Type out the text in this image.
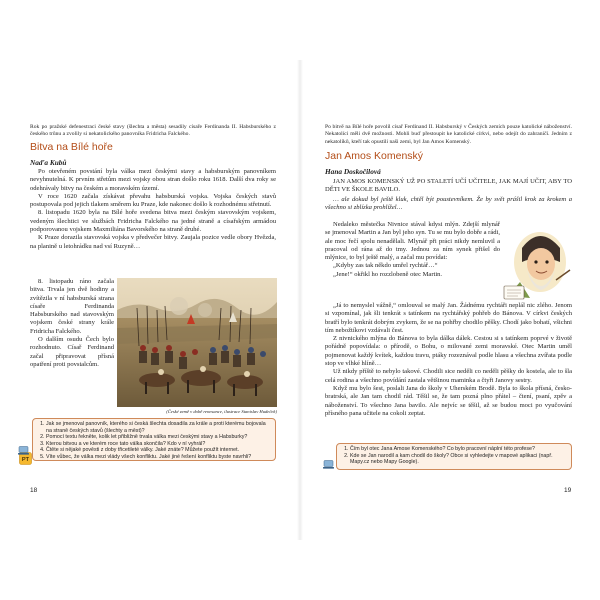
Rok po pražské defenestraci české stavy (šlechta a města) sesadily císaře Ferdinanda II. Habsburského z českého trůnu a zvolily si nekatolického panovníka Fridricha Falckého.

Bitva na Bílé hoře
Naďa Kubů

Po otevřeném povstání byla válka mezi českými stavy a habsburským panovníkem nevyhnutelná. K prvním střetům mezi vojsky obou stran došlo roku 1618. Další dva roky se odehrávaly bitvy na českém a moravském území.

V roce 1620 začala získávat převahu habsburská vojska. Vojska českých stavů postupovala pod jejich tlakem směrem ku Praze, kde nakonec došlo k rozhodnému střetnutí.

8. listopadu 1620 byla na Bílé hoře svedena bitva mezi českým stavovským vojskem, vedeným šlechtici ve službách Fridricha Falckého na jedné straně a císařským armádou podporovanou vojskem Maxmiliána Bavorského na straně druhé.

K Praze dorazila stavovská vojska v předvečer bitvy. Zaujala pozice vedle obory Hvězda, na planině u letohrádku nad vsí Ruzyně…

8. listopadu ráno začala bitva. Trvala jen dvě hodiny a zvítězila v ní habsburská strana císaře Ferdinanda Habsburského nad stavovským vojskem české strany krále Fridricha Falckého.

O dalším osudu Čech bylo rozhodnuto. Císař Ferdinand začal připravovat přísná opatření proti povstalcům.

(České země v době renesance, ilustrace Stanislav Hudeček)

1. Jak se jmenoval panovník, kterého si česká šlechta dosadila za krále a proti kterému bojovala na straně českých stavů (šlechty a měst)?
2. Pomocí textu řekněte, kolik let přibližně trvala válka mezi českými stavy a Habsburky?
3. Kterou bitvou a ve kterém roce tato válka skončila? Kdo v ní vyhrál?
4. Čtěte si nějaké pověsti z doby třicetileté války. Jaké znáte? Můžete použít internet.
5. Víte vůbec, že válka mezi vlády všech konfliktu. Jaké jiné řešení konfliktu byste navrhli?
PT

18

Po bitvě na Bílé hoře povolil císař Ferdinand II. Habsburský v Českých zemích pouze katolické náboženství. Nekatolíci měli dvě možnosti. Mohli buď přestoupit ke katolické církvi, nebo odejít do zahraničí. Jedním z nekatolíků, kteří tak opustili naši zemi, byl Jan Amos Komenský.

Jan Amos Komenský
Hana Doskočilová
JAN AMOS KOMENSKÝ UŽ PO STALETÍ UČÍ UČITELE, JAK MAJÍ UČIT, ABY TO DĚTI VE ŠKOLE BAVILO.
… ale dokud byl ještě kluk, chtěl být poustevníkem. Že by svět prášil krok za krokem a všechno si zblízka prohlížel…

Nedaleko městečka Nivnice stával kdysi mlýn. Zdejší mlynář se jmenoval Martin a Jan byl jeho syn. Tu se mu bylo dobře a rádi, ale moc řečí spolu nenadělali. Mlynář při práci nikdy nemluvil a pracoval od rána až do tmy. Jednou za ním synek přišel do mlýnice, to byl ještě malý, a začal mu povídat:

„Kdyby zas tak někdo umřel rychtář…“

„Jene!“ okřikl ho rozzlobeně otec Martin.

„Já to nemyslel vážně,“ omlouval se malý Jan. Žádnému rychtáři neplál nic zlého. Jenom si vzpomínal, jak šli tenkrát s tatínkem na rychtářský pohřeb do Bánova. V církvi českých bratří bylo tenkrát dobrým zvykem, že se na pohřby chodilo pěšky. Chodí jako bohatí, všichni tím nebožtíkovi vzdávali čest.

Z nivnického mlýna do Bánova to byla dálka dálek. Cestou si s tatínkem poprvé v životě pořádně popovídala: o přírodě, o Bohu, o milované zemi moravské. Otec Martin uměl pojmenovat každý kvítek, každou travu, ptáky rozeznával podle hlasu a všechna zvířata podle stop ve vlhké hlíně…

Už nikdy příště to nebylo takové. Chodili sice neděli co neděli pěšky do kostela, ale to šla celá rodina a všechno povídání zastala většinou maminka a čtyři Janovy sestry.

Když mu bylo šest, poslali Jana do školy v Uherském Brodě. Byla to škola přísná, česko-bratrská, ale Jan tam chodil rád. Těšil se, že tam pozná plno přátel – čtení, psaní, zpěv a náboženství. To všechno Jana bavilo. Ale nejvíc se těšil, až se budou moci po vyučování přísného pana učitele na cokoli zeptat.

1. Čím byl otec Jana Amose Komenského? Co bylo pracovní náplní této profese?
2. Kde se Jan narodil a kam chodil do školy? Obce si vyhledejte v mapové aplikaci (např. Mapy.cz nebo Mapy Google).

19
